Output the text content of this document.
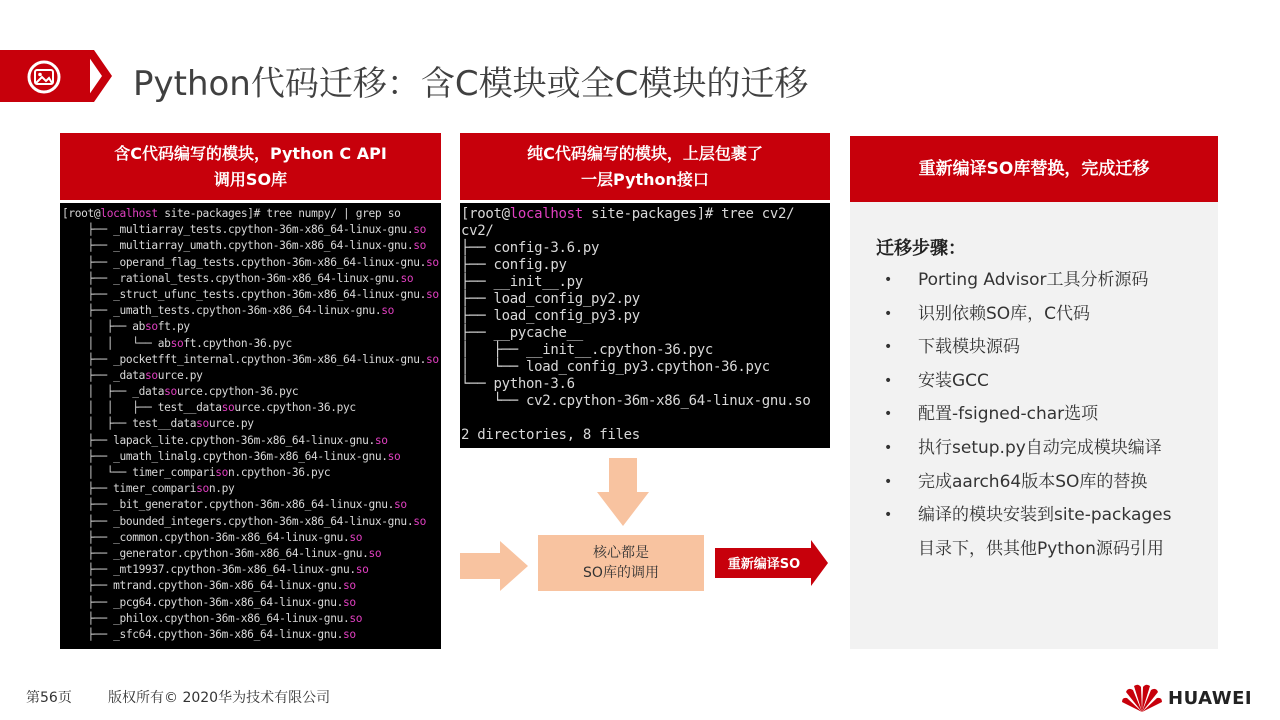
Python代码迁移：含C模块或全C模块的迁移
含C代码编写的模块，Python C API
调用SO库
纯C代码编写的模块，上层包裹了
一层Python接口	重新编译SO库替换，完成迁移
[root@localhost site-packages]# tree numpy/ | grep so
├── _multiarray_tests.cpython-36m-x86_64-linux-gnu.so
├── _multiarray_umath.cpython-36m-x86_64-linux-gnu.so
├── _operand_flag_tests.cpython-36m-x86_64-linux-gnu.so
├── _rational_tests.cpython-36m-x86_64-linux-gnu.so
├── _struct_ufunc_tests.cpython-36m-x86_64-linux-gnu.so
├── _umath_tests.cpython-36m-x86_64-linux-gnu.so
│  ├── absoft.py
│  │   └── absoft.cpython-36.pyc
├── _pocketfft_internal.cpython-36m-x86_64-linux-gnu.so
├── _datasource.py
│  ├── _datasource.cpython-36.pyc
│  │   ├── test__datasource.cpython-36.pyc
│  ├── test__datasource.py
├── lapack_lite.cpython-36m-x86_64-linux-gnu.so
├── _umath_linalg.cpython-36m-x86_64-linux-gnu.so
│  └── timer_comparison.cpython-36.pyc
├── timer_comparison.py
├── _bit_generator.cpython-36m-x86_64-linux-gnu.so
├── _bounded_integers.cpython-36m-x86_64-linux-gnu.so
├── _common.cpython-36m-x86_64-linux-gnu.so
├── _generator.cpython-36m-x86_64-linux-gnu.so
├── _mt19937.cpython-36m-x86_64-linux-gnu.so
├── mtrand.cpython-36m-x86_64-linux-gnu.so
├── _pcg64.cpython-36m-x86_64-linux-gnu.so
├── _philox.cpython-36m-x86_64-linux-gnu.so
├── _sfc64.cpython-36m-x86_64-linux-gnu.so
[root@localhost site-packages]# tree cv2/
cv2/
├── config-3.6.py
├── config.py
├── __init__.py
├── load_config_py2.py
├── load_config_py3.py
├── __pycache__
│   ├── __init__.cpython-36.pyc
│   └── load_config_py3.cpython-36.pyc
└── python-3.6
└── cv2.cpython-36m-x86_64-linux-gnu.so
2 directories, 8 files
迁移步骤：
• Porting Advisor工具分析源码
• 识别依赖SO库，C代码
• 下载模块源码
• 安装GCC
• 配置-fsigned-char选项
• 执行setup.py自动完成模块编译
• 完成aarch64版本SO库的替换
• 编译的模块安装到site-packages
目录下，供其他Python源码引用
核心都是
SO库的调用
重新编译SO
第56页	版权所有© 2020华为技术有限公司	HUAWEI
